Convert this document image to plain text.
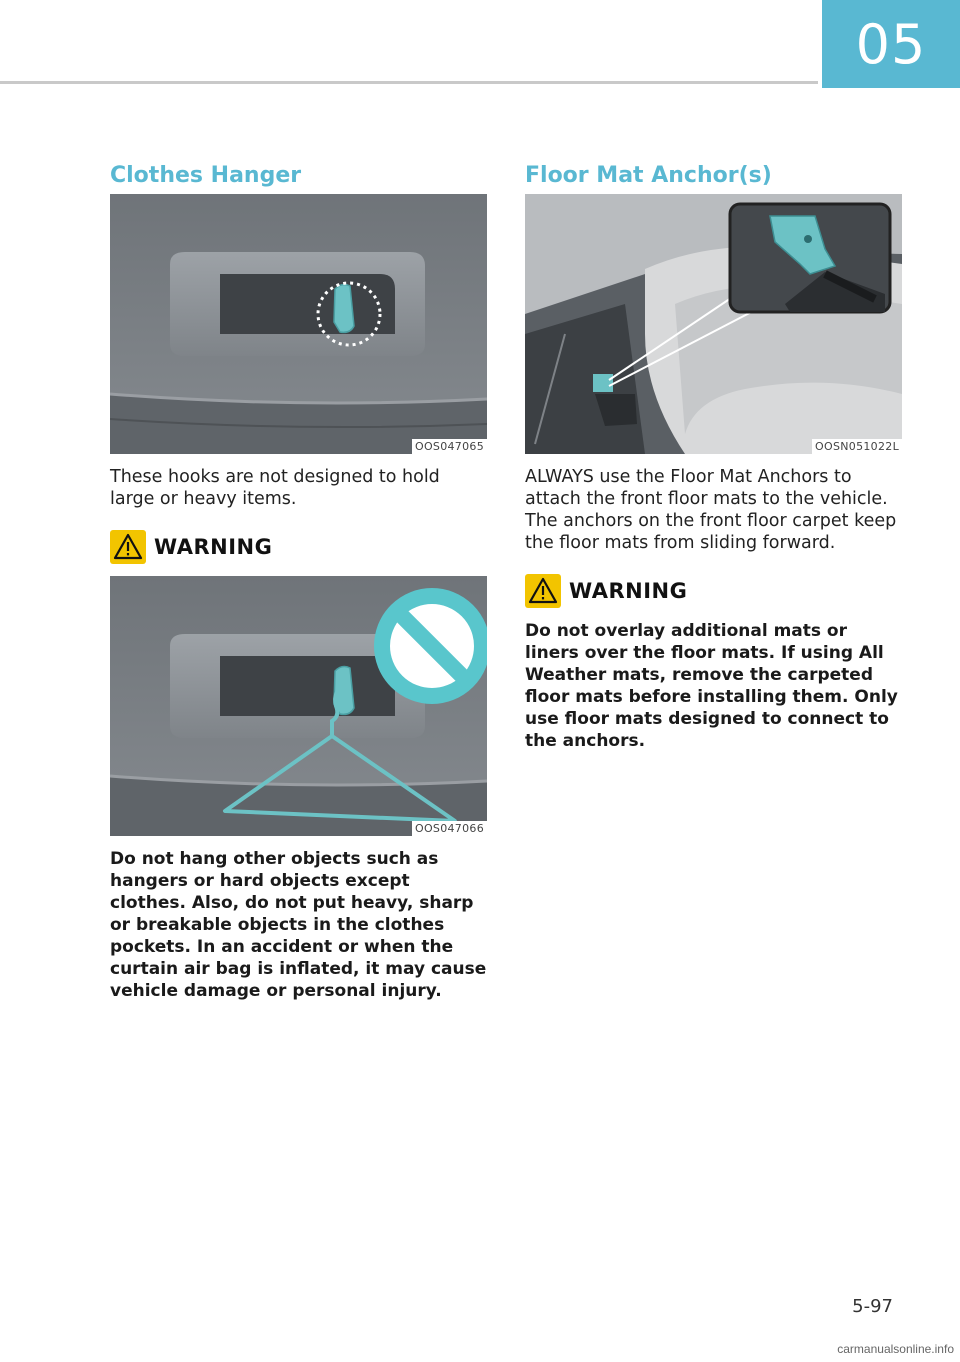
05
Clothes Hanger
OOS047065

These hooks are not designed to hold large or heavy items.

WARNING
OOS047066

Do not hang other objects such as hangers or hard objects except clothes. Also, do not put heavy, sharp or breakable objects in the clothes pockets. In an accident or when the curtain air bag is inflated, it may cause vehicle damage or personal injury.

Floor Mat Anchor(s)
OOSN051022L

ALWAYS use the Floor Mat Anchors to attach the front floor mats to the vehicle. The anchors on the front floor carpet keep the floor mats from sliding forward.

WARNING

Do not overlay additional mats or liners over the floor mats. If using All Weather mats, remove the carpeted floor mats before installing them. Only use floor mats designed to connect to the anchors.

5-97
carmanualsonline.info
